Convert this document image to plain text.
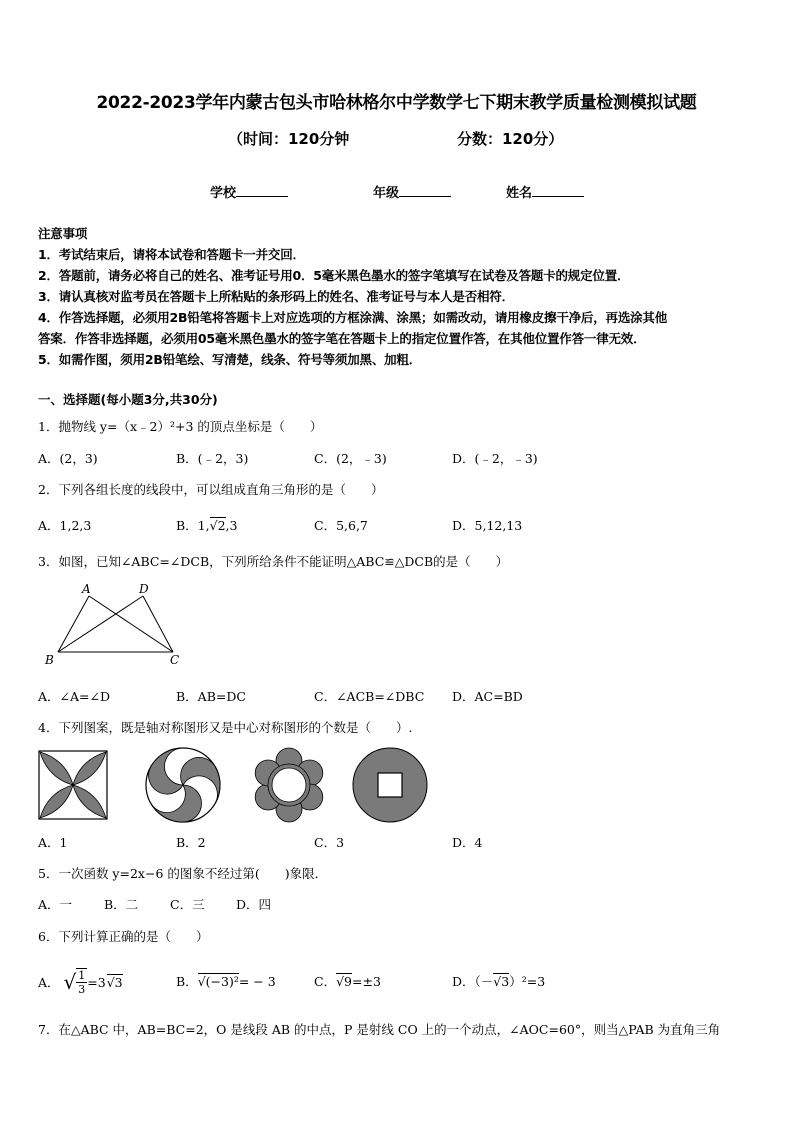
2022-2023学年内蒙古包头市哈林格尔中学数学七下期末教学质量检测模拟试题
（时间：120分钟	分数：120分）
学校	年级	姓名
注意事项
1．考试结束后，请将本试卷和答题卡一并交回．
2．答题前，请务必将自己的姓名、准考证号用0．5毫米黑色墨水的签字笔填写在试卷及答题卡的规定位置．
3．请认真核对监考员在答题卡上所粘贴的条形码上的姓名、准考证号与本人是否相符．
4．作答选择题，必须用2B铅笔将答题卡上对应选项的方框涂满、涂黑；如需改动，请用橡皮擦干净后，再选涂其他
答案．作答非选择题，必须用05毫米黑色墨水的签字笔在答题卡上的指定位置作答，在其他位置作答一律无效．
5．如需作图，须用2B铅笔绘、写清楚，线条、符号等须加黑、加粗．
一、选择题(每小题3分,共30分)
1．抛物线 y=（x﹣2）²+3 的顶点坐标是（　　）
A．(2，3)	B．(﹣2，3)	C．(2，﹣3)	D．(﹣2，﹣3)
2．下列各组长度的线段中，可以组成直角三角形的是（　　）
A．1,2,3	B．1,√2,3	C．5,6,7	D．5,12,13
3．如图，已知∠ABC=∠DCB，下列所给条件不能证明△ABC≌△DCB的是（　　）
A	D
B	C
A．∠A=∠D	B．AB=DC	C．∠ACB=∠DBC D．AC=BD
4．下列图案，既是轴对称图形又是中心对称图形的个数是（　　）.
A．1	B．2	C．3	D．4
5．一次函数 y=2x−6 的图象不经过第(　　)象限．
A．一	B．二	C．三	D．四
6．下列计算正确的是（　　）
A． √ $\frac{1}{3} =3$ √3	B．√(−3)²= − 3	C．√9=±3	D．（－√3）²=3
7．在△ABC 中，AB=BC=2，O 是线段 AB 的中点，P 是射线 CO 上的一个动点，∠AOC=60°，则当△PAB 为直角三角
